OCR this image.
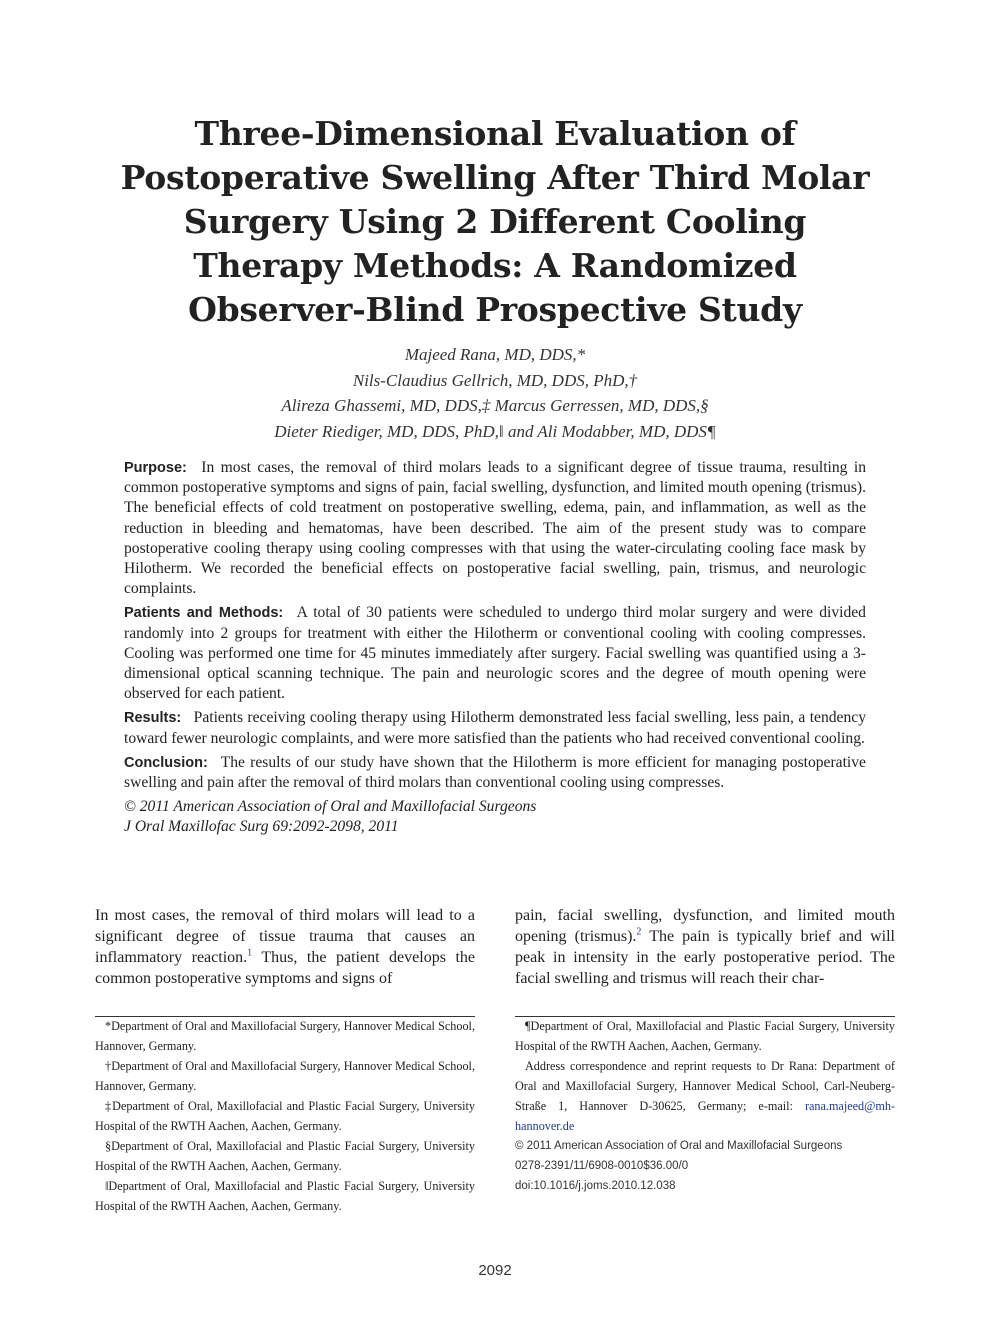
Three-Dimensional Evaluation of Postoperative Swelling After Third Molar Surgery Using 2 Different Cooling Therapy Methods: A Randomized Observer-Blind Prospective Study
Majeed Rana, MD, DDS,*
Nils-Claudius Gellrich, MD, DDS, PhD,†
Alireza Ghassemi, MD, DDS,‡ Marcus Gerressen, MD, DDS,§
Dieter Riediger, MD, DDS, PhD,‖ and Ali Modabber, MD, DDS¶

Purpose: In most cases, the removal of third molars leads to a significant degree of tissue trauma, resulting in common postoperative symptoms and signs of pain, facial swelling, dysfunction, and limited mouth opening (trismus). The beneficial effects of cold treatment on postoperative swelling, edema, pain, and inflammation, as well as the reduction in bleeding and hematomas, have been described. The aim of the present study was to compare postoperative cooling therapy using cooling compresses with that using the water-circulating cooling face mask by Hilotherm. We recorded the beneficial effects on postoperative facial swelling, pain, trismus, and neurologic complaints.

Patients and Methods: A total of 30 patients were scheduled to undergo third molar surgery and were divided randomly into 2 groups for treatment with either the Hilotherm or conventional cooling with cooling compresses. Cooling was performed one time for 45 minutes immediately after surgery. Facial swelling was quantified using a 3-dimensional optical scanning technique. The pain and neurologic scores and the degree of mouth opening were observed for each patient.

Results: Patients receiving cooling therapy using Hilotherm demonstrated less facial swelling, less pain, a tendency toward fewer neurologic complaints, and were more satisfied than the patients who had received conventional cooling.

Conclusion: The results of our study have shown that the Hilotherm is more efficient for managing postoperative swelling and pain after the removal of third molars than conventional cooling using compresses.

© 2011 American Association of Oral and Maxillofacial Surgeons

J Oral Maxillofac Surg 69:2092-2098, 2011

In most cases, the removal of third molars will lead to a significant degree of tissue trauma that causes an inflammatory reaction.$^1$ Thus, the patient develops the common postoperative symptoms and signs of

pain, facial swelling, dysfunction, and limited mouth opening (trismus).$^2$ The pain is typically brief and will peak in intensity in the early postoperative period. The facial swelling and trismus will reach their char-

*Department of Oral and Maxillofacial Surgery, Hannover Medical School, Hannover, Germany.

†Department of Oral and Maxillofacial Surgery, Hannover Medical School, Hannover, Germany.

‡Department of Oral, Maxillofacial and Plastic Facial Surgery, University Hospital of the RWTH Aachen, Aachen, Germany.

§Department of Oral, Maxillofacial and Plastic Facial Surgery, University Hospital of the RWTH Aachen, Aachen, Germany.

‖Department of Oral, Maxillofacial and Plastic Facial Surgery, University Hospital of the RWTH Aachen, Aachen, Germany.

¶Department of Oral, Maxillofacial and Plastic Facial Surgery, University Hospital of the RWTH Aachen, Aachen, Germany.

Address correspondence and reprint requests to Dr Rana: Department of Oral and Maxillofacial Surgery, Hannover Medical School, Carl-Neuberg-Straße 1, Hannover D-30625, Germany; e-mail: rana.majeed@mh-hannover.de

© 2011 American Association of Oral and Maxillofacial Surgeons

0278-2391/11/6908-0010$36.00/0

doi:10.1016/j.joms.2010.12.038

2092
